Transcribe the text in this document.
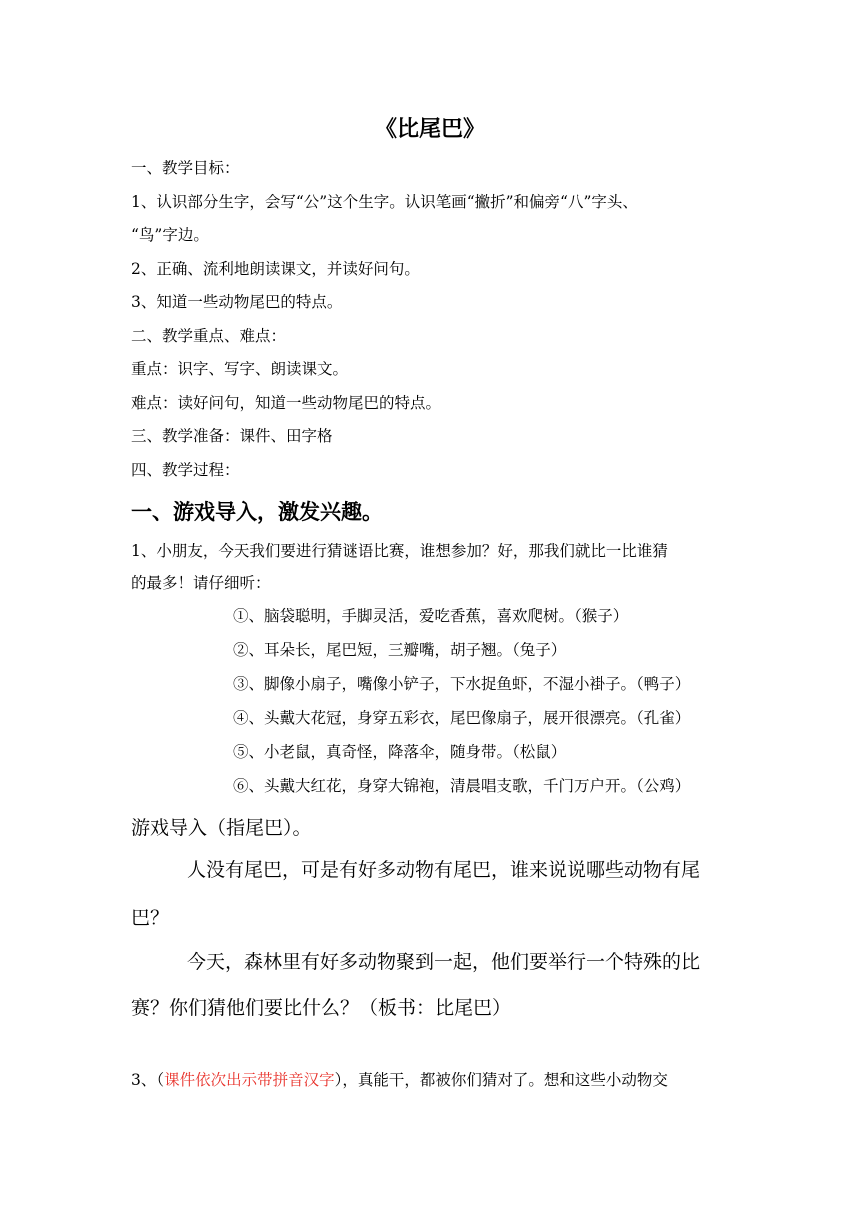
《比尾巴》
一、教学目标：
1、认识部分生字，会写“公”这个生字。认识笔画“撇折”和偏旁“八”字头、
“鸟”字边。
2、正确、流利地朗读课文，并读好问句。
3、知道一些动物尾巴的特点。
二、教学重点、难点：
重点：识字、写字、朗读课文。
难点：读好问句，知道一些动物尾巴的特点。
三、教学准备：课件、田字格
四、教学过程：
一、游戏导入，激发兴趣。
1、小朋友，今天我们要进行猜谜语比赛，谁想参加？好，那我们就比一比谁猜
的最多！请仔细听：
①、脑袋聪明，手脚灵活，爱吃香蕉，喜欢爬树。（猴子）
②、耳朵长，尾巴短，三瓣嘴，胡子翘。（兔子）
③、脚像小扇子，嘴像小铲子，下水捉鱼虾，不湿小褂子。（鸭子）
④、头戴大花冠，身穿五彩衣，尾巴像扇子，展开很漂亮。（孔雀）
⑤、小老鼠，真奇怪，降落伞，随身带。（松鼠）
⑥、头戴大红花，身穿大锦袍，清晨唱支歌，千门万户开。（公鸡）
游戏导入（指尾巴）。
人没有尾巴，可是有好多动物有尾巴，谁来说说哪些动物有尾
巴？
今天，森林里有好多动物聚到一起，他们要举行一个特殊的比
赛？你们猜他们要比什么？（板书：比尾巴）
3、（课件依次出示带拼音汉字），真能干，都被你们猜对了。想和这些小动物交
